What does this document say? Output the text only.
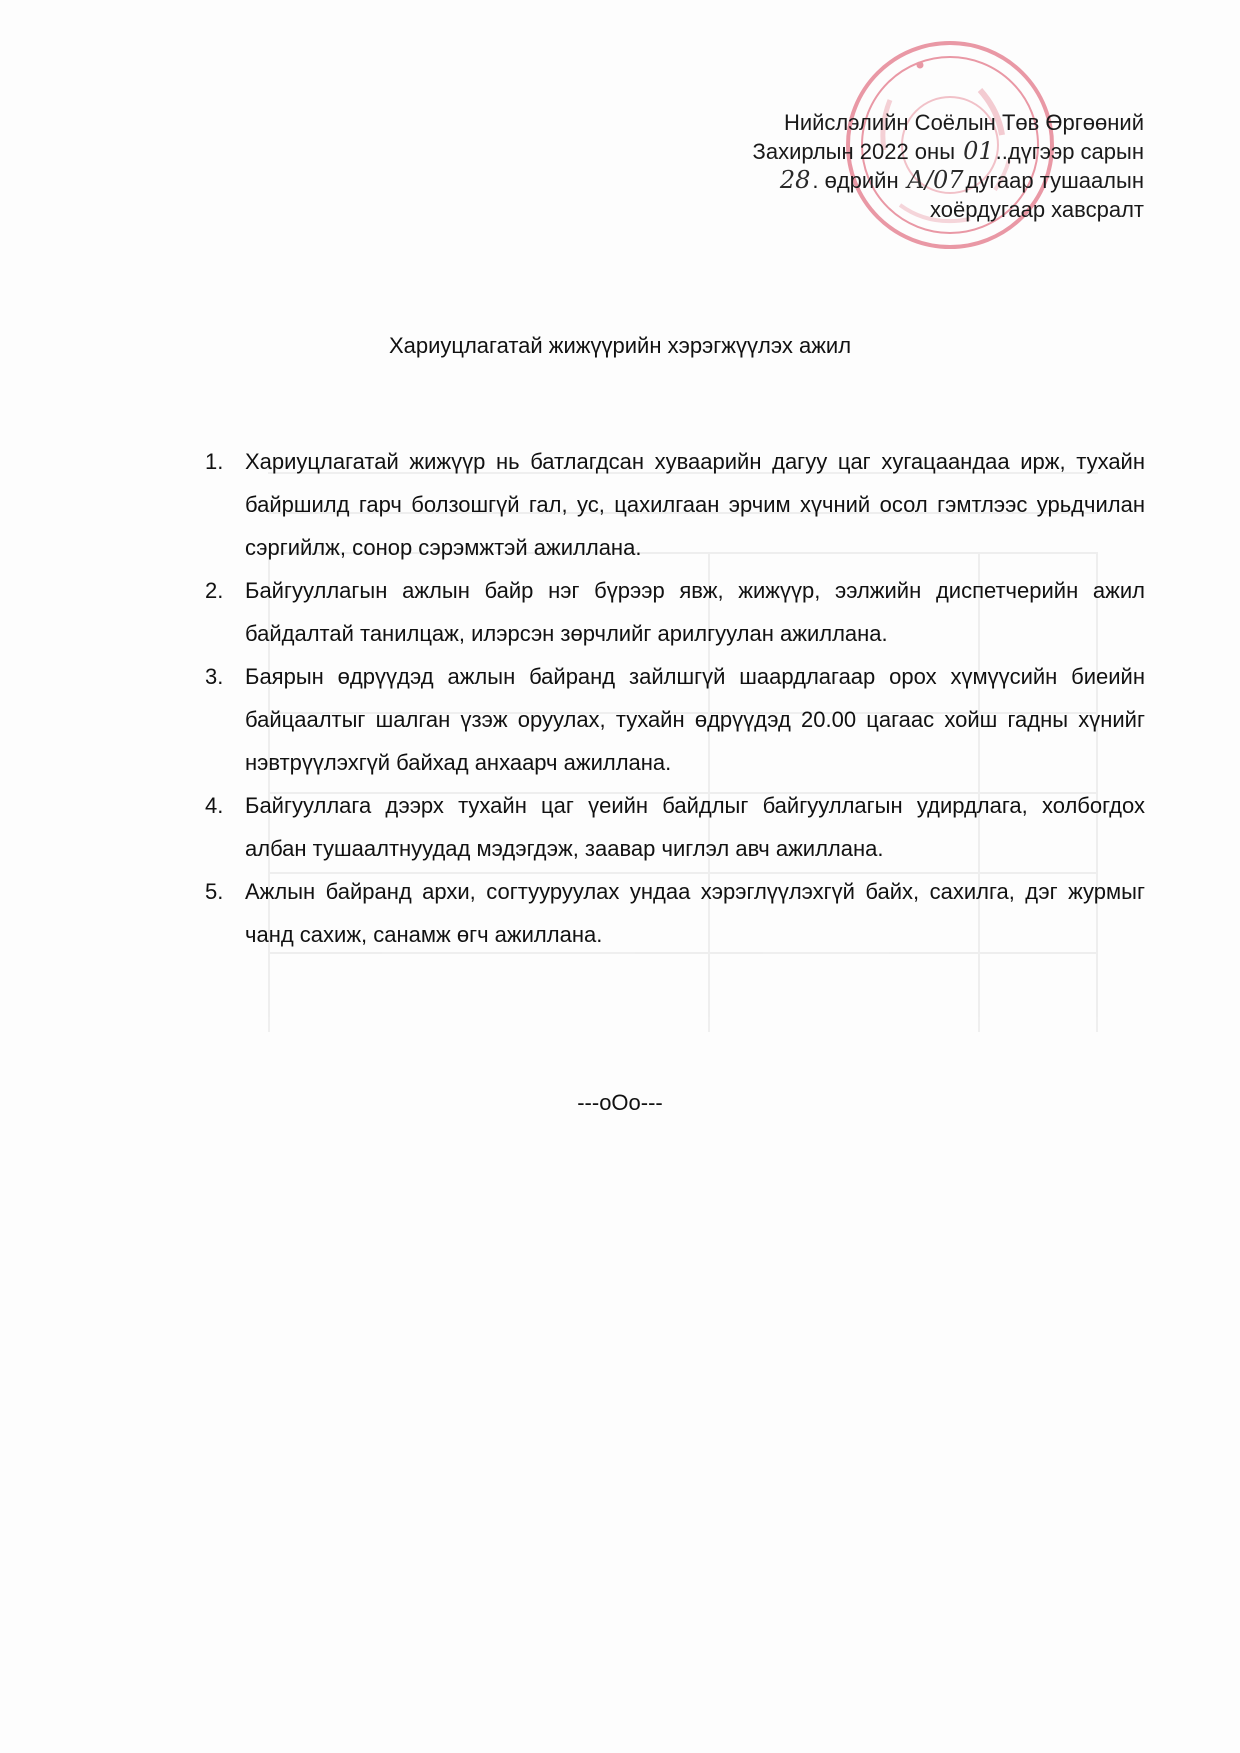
Нийслэлийн Соёлын Төв Өргөөний
Захирлын 2022 оны 01..дүгээр сарын
28. өдрийн А/07дугаар тушаалын
хоёрдугаар хавсралт
Хариуцлагатай жижүүрийн хэрэгжүүлэх ажил
1. Хариуцлагатай жижүүр нь батлагдсан хуваарийн дагуу цаг хугацаандаа ирж, тухайн байршилд гарч болзошгүй гал, ус, цахилгаан эрчим хүчний осол гэмтлээс урьдчилан сэргийлж, сонор сэрэмжтэй ажиллана.
2. Байгууллагын ажлын байр нэг бүрээр явж, жижүүр, ээлжийн диспетчерийн ажил байдалтай танилцаж, илэрсэн зөрчлийг арилгуулан ажиллана.
3. Баярын өдрүүдэд ажлын байранд зайлшгүй шаардлагаар орох хүмүүсийн биеийн байцаалтыг шалган үзэж оруулах, тухайн өдрүүдэд 20.00 цагаас хойш гадны хүнийг нэвтрүүлэхгүй байхад анхаарч ажиллана.
4. Байгууллага дээрх тухайн цаг үеийн байдлыг байгууллагын удирдлага, холбогдох албан тушаалтнуудад мэдэгдэж, заавар чиглэл авч ажиллана.
5. Ажлын байранд архи, согтууруулах ундаа хэрэглүүлэхгүй байх, сахилга, дэг журмыг чанд сахиж, санамж өгч ажиллана.
---oOo---
